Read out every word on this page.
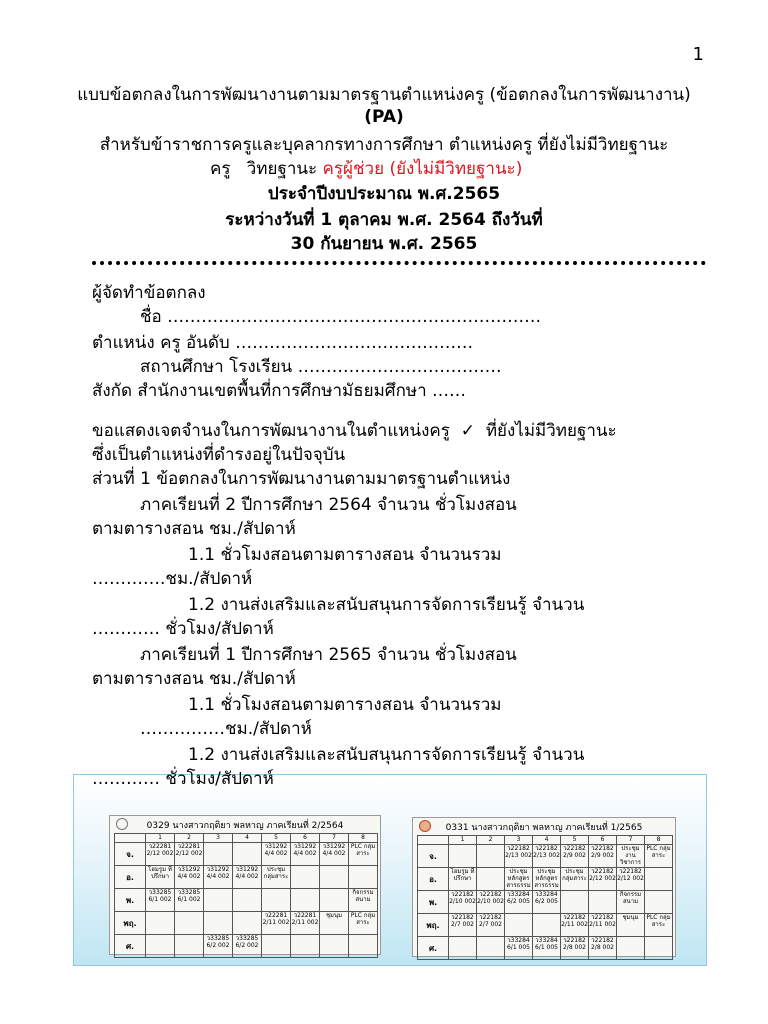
1
แบบข้อตกลงในการพัฒนางานตามมาตรฐานตำแหน่งครู (ข้อตกลงในการพัฒนางาน)
(PA)
สำหรับข้าราชการครูและบุคลากรทางการศึกษา ตำแหน่งครู ที่ยังไม่มีวิทยฐานะ
ครู วิทยฐานะ ครูผู้ช่วย (ยังไม่มีวิทยฐานะ)
ประจำปีงบประมาณ พ.ศ.2565
ระหว่างวันที่ 1 ตุลาคม พ.ศ. 2564 ถึงวันที่
30 กันยายน พ.ศ. 2565
ผู้จัดทำข้อตกลง
ชื่อ …………………………………………………………
ตำแหน่ง ครู อันดับ ……………………………………
สถานศึกษา โรงเรียน ………………………………
สังกัด สำนักงานเขตพื้นที่การศึกษามัธยมศึกษา ……
ขอแสดงเจตจำนงในการพัฒนางานในตำแหน่งครู ✓ ที่ยังไม่มีวิทยฐานะ
ซึ่งเป็นตำแหน่งที่ดำรงอยู่ในปัจจุบัน
ส่วนที่ 1 ข้อตกลงในการพัฒนางานตามมาตรฐานตำแหน่ง
ภาคเรียนที่ 2 ปีการศึกษา 2564 จำนวน ชั่วโมงสอน
ตามตารางสอน ชม./สัปดาห์
1.1 ชั่วโมงสอนตามตารางสอน จำนวนรวม
………….ชม./สัปดาห์
1.2 งานส่งเสริมและสนับสนุนการจัดการเรียนรู้ จำนวน
………… ชั่วโมง/สัปดาห์
ภาคเรียนที่ 1 ปีการศึกษา 2565 จำนวน ชั่วโมงสอน
ตามตารางสอน ชม./สัปดาห์
1.1 ชั่วโมงสอนตามตารางสอน จำนวนรวม
……………ชม./สัปดาห์
1.2 งานส่งเสริมและสนับสนุนการจัดการเรียนรู้ จำนวน
0329 นางสาวกฤติยา พลหาญ ภาคเรียนที่ 2/2564
	1	2	3	4	5	6	7	8
จ.	ว22281 2/12 002	ว22281 2/12 002			ว31292 4/4 002	ว31292 4/4 002	ว31292 4/4 002	PLC กลุ่มสาระ
อ.	โฮมรูม ที่ปรึกษา	ว31292 4/4 002	ว31292 4/4 002	ว31292 4/4 002	ประชุม กลุ่มสาระ			
พ.	ว33285 6/1 002	ว33285 6/1 002						กิจกรรม สนาม
พฤ.					ว22281 2/11 002	ว22281 2/11 002	ชุมนุม	PLC กลุ่มสาระ
ศ.			ว33285 6/2 002	ว33285 6/2 002				
0331 นางสาวกฤติยา พลหาญ ภาคเรียนที่ 1/2565
	1	2	3	4	5	6	7	8
จ.			ว22182 2/13 002	ว22182 2/13 002	ว22182 2/9 002	ว22182 2/9 002	ประชุม งาน วิชาการ	PLC กลุ่มสาระ
อ.	โฮมรูม ที่ปรึกษา		ประชุม หลักสูตร สารธรรม	ประชุม หลักสูตร สารธรรม	ประชุม กลุ่มสาระ	ว22182 2/12 002	ว22182 2/12 002	
พ.	ว22182 2/10 002	ว22182 2/10 002	ว33284 6/2 005	ว33284 6/2 005			กิจกรรม สนาม	
พฤ.	ว22182 2/7 002	ว22182 2/7 002			ว22182 2/11 002	ว22182 2/11 002	ชุมนุม	PLC กลุ่มสาระ
ศ.			ว33284 6/1 005	ว33284 6/1 005	ว22182 2/8 002	ว22182 2/8 002		
………… ชั่วโมง/สัปดาห์
